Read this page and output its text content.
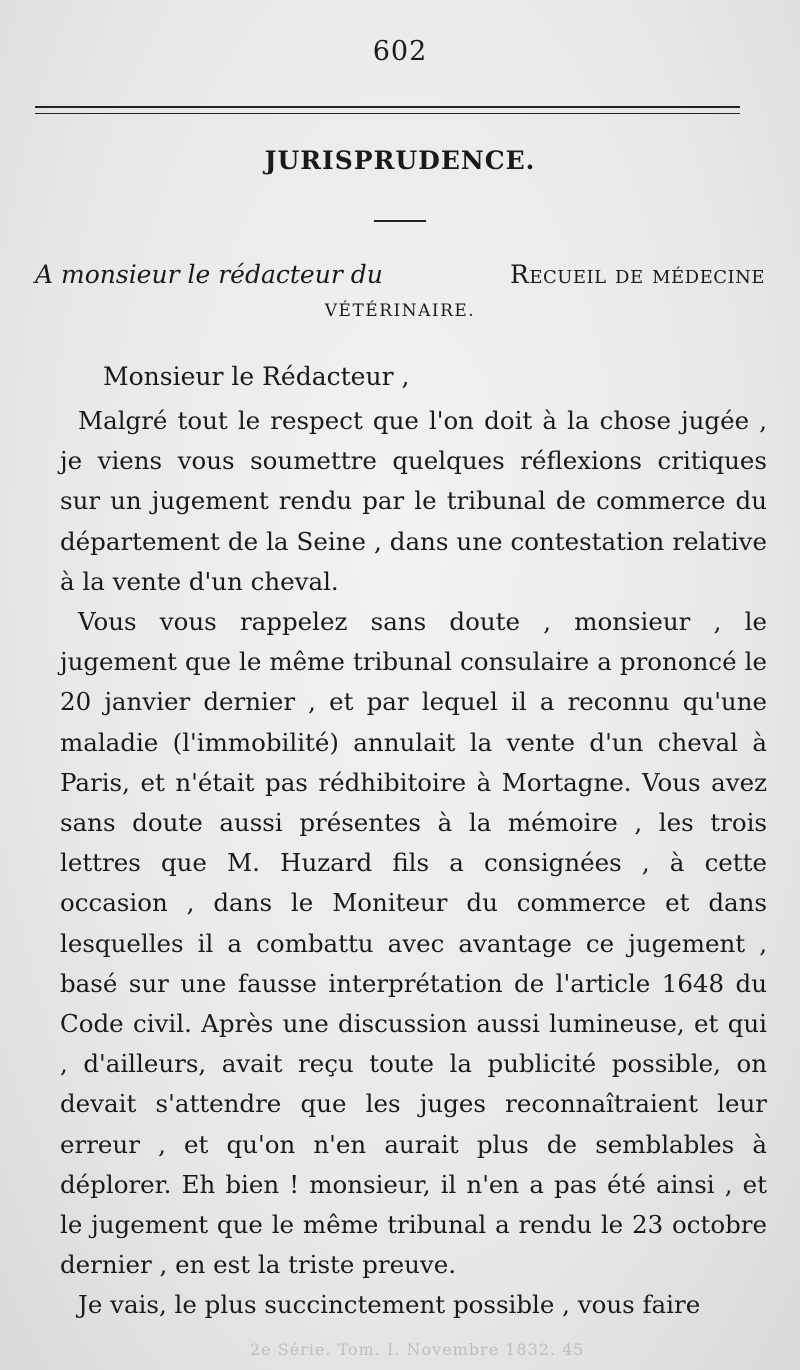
602
JURISPRUDENCE.
A monsieur le rédacteur du	Recueil de médecine
VÉTÉRINAIRE.
Monsieur le Rédacteur ,

Malgré tout le respect que l'on doit à la chose jugée , je viens vous soumettre quelques réflexions critiques sur un jugement rendu par le tribunal de commerce du département de la Seine , dans une contestation relative à la vente d'un cheval.

Vous vous rappelez sans doute , monsieur , le jugement que le même tribunal consulaire a prononcé le 20 janvier dernier , et par lequel il a reconnu qu'une maladie (l'immobilité) annulait la vente d'un cheval à Paris, et n'était pas rédhibitoire à Mortagne. Vous avez sans doute aussi présentes à la mémoire , les trois lettres que M. Huzard fils a consignées , à cette occasion , dans le Moniteur du commerce et dans lesquelles il a combattu avec avantage ce jugement , basé sur une fausse interprétation de l'article 1648 du Code civil. Après une discussion aussi lumineuse, et qui , d'ailleurs, avait reçu toute la publicité possible, on devait s'attendre que les juges reconnaîtraient leur erreur , et qu'on n'en aurait plus de semblables à déplorer. Eh bien ! monsieur, il n'en a pas été ainsi , et le jugement que le même tribunal a rendu le 23 octobre dernier , en est la triste preuve.

Je vais, le plus succinctement possible , vous faire

2e Série. Tom. I. Novembre 1832. 45
